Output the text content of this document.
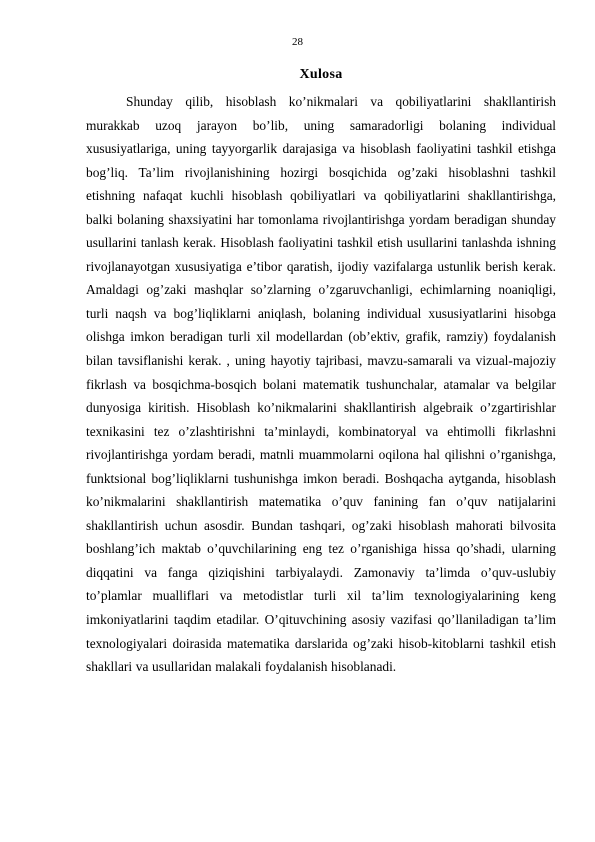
28
Xulosa

Shunday qilib, hisoblash ko’nikmalari va qobiliyatlarini shakllantirish murakkab uzoq jarayon bo’lib, uning samaradorligi bolaning individual xususiyatlariga, uning tayyorgarlik darajasiga va hisoblash faoliyatini tashkil etishga bog’liq. Ta’lim rivojlanishining hozirgi bosqichida og’zaki hisoblashni tashkil etishning nafaqat kuchli hisoblash qobiliyatlari va qobiliyatlarini shakllantirishga, balki bolaning shaxsiyatini har tomonlama rivojlantirishga yordam beradigan shunday usullarini tanlash kerak. Hisoblash faoliyatini tashkil etish usullarini tanlashda ishning rivojlanayotgan xususiyatiga e’tibor qaratish, ijodiy vazifalarga ustunlik berish kerak. Amaldagi og’zaki mashqlar so’zlarning o’zgaruvchanligi, echimlarning noaniqligi, turli naqsh va bog’liqliklarni aniqlash, bolaning individual xususiyatlarini hisobga olishga imkon beradigan turli xil modellardan (ob’ektiv, grafik, ramziy) foydalanish bilan tavsiflanishi kerak. , uning hayotiy tajribasi, mavzu-samarali va vizual-majoziy fikrlash va bosqichma-bosqich bolani matematik tushunchalar, atamalar va belgilar dunyosiga kiritish. Hisoblash ko’nikmalarini shakllantirish algebraik o’zgartirishlar texnikasini tez o’zlashtirishni ta’minlaydi, kombinatoryal va ehtimolli fikrlashni rivojlantirishga yordam beradi, matnli muammolarni oqilona hal qilishni o’rganishga, funktsional bog’liqliklarni tushunishga imkon beradi. Boshqacha aytganda, hisoblash ko’nikmalarini shakllantirish matematika o’quv fanining fan o’quv natijalarini shakllantirish uchun asosdir. Bundan tashqari, og’zaki hisoblash mahorati bilvosita boshlang’ich maktab o’quvchilarining eng tez o’rganishiga hissa qo’shadi, ularning diqqatini va fanga qiziqishini tarbiyalaydi. Zamonaviy ta’limda o’quv-uslubiy to’plamlar mualliflari va metodistlar turli xil ta’lim texnologiyalarining keng imkoniyatlarini taqdim etadilar. O’qituvchining asosiy vazifasi qo’llaniladigan ta’lim texnologiyalari doirasida matematika darslarida og’zaki hisob-kitoblarni tashkil etish shakllari va usullaridan malakali foydalanish hisoblanadi.
